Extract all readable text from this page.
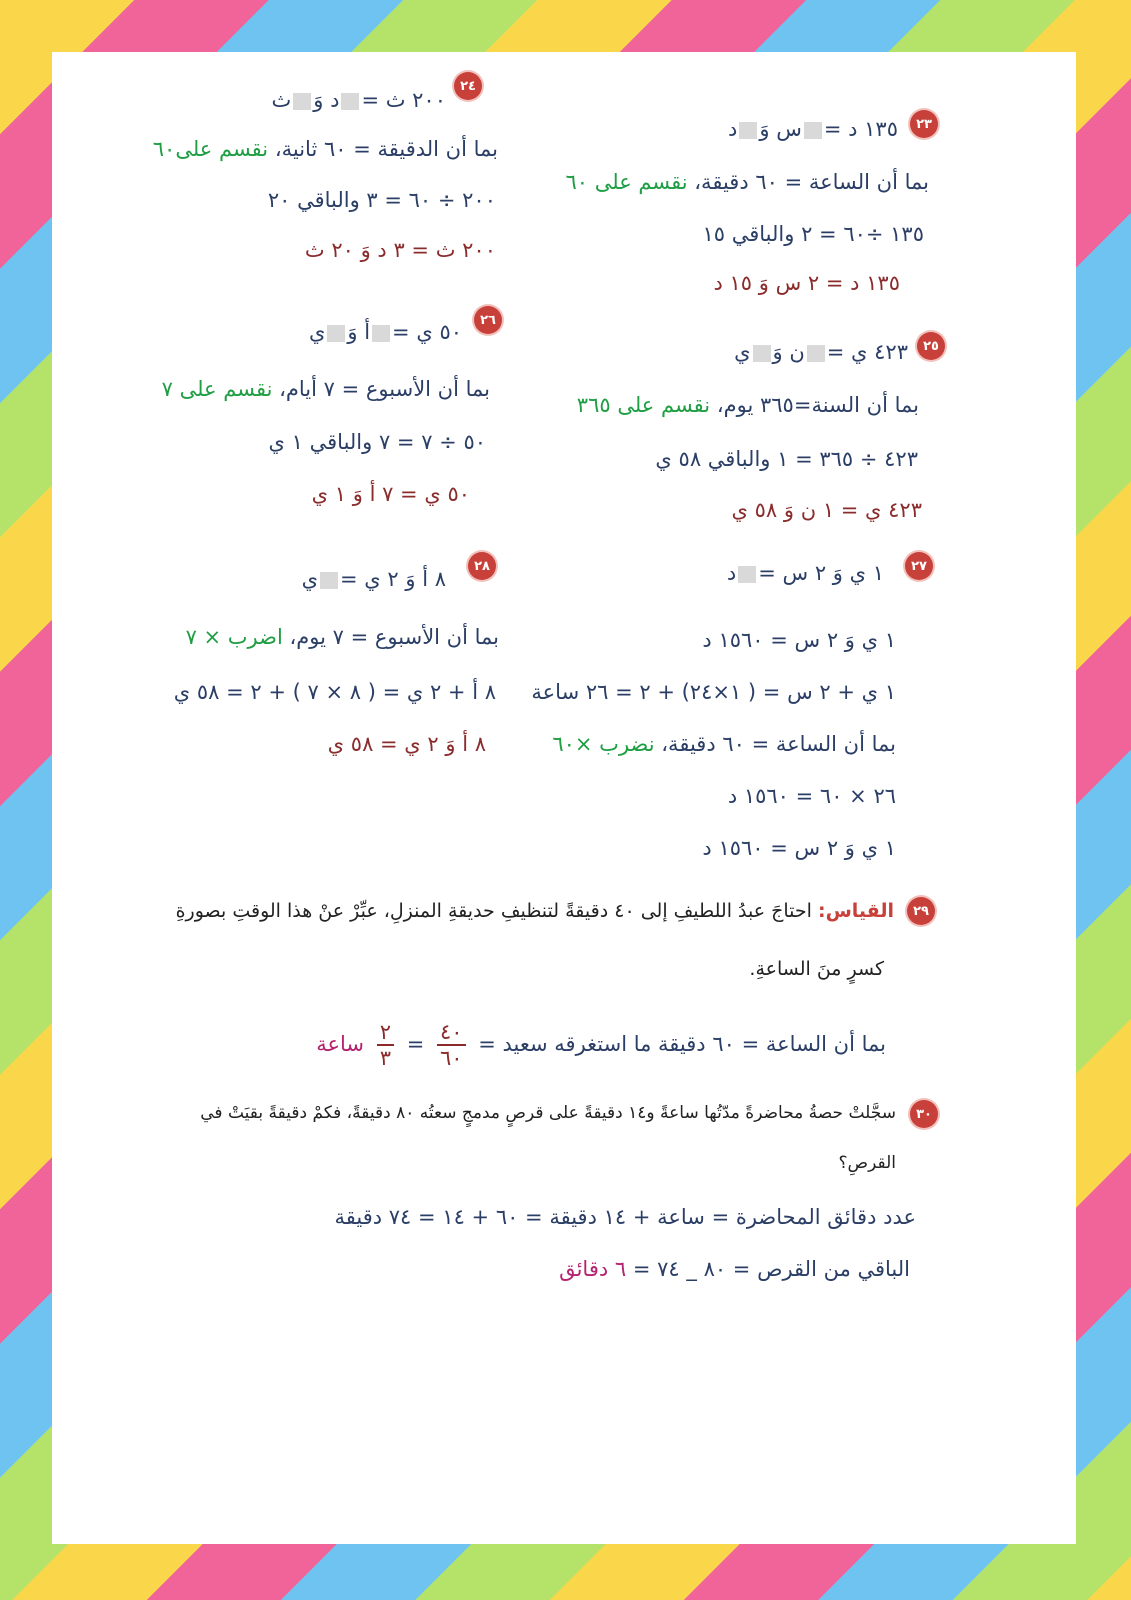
٢٤
٢٠٠ ث =د وَث
بما أن الدقيقة = ٦٠ ثانية، نقسم على٦٠
٢٠٠ ÷ ٦٠ = ٣ والباقي ٢٠
٢٠٠ ث = ٣ د وَ ٢٠ ث
٢٣
١٣٥ د =س وَد
بما أن الساعة = ٦٠ دقيقة، نقسم على ٦٠
١٣٥ ÷٦٠ = ٢ والباقي ١٥
١٣٥ د = ٢ س وَ ١٥ د
٢٦
٥٠ ي =أ وَي
بما أن الأسبوع = ٧ أيام، نقسم على ٧
٥٠ ÷ ٧ = ٧ والباقي ١ ي
٥٠ ي = ٧ أ وَ ١ ي
٢٥
٤٢٣ ي =ن وَي
بما أن السنة=٣٦٥ يوم، نقسم على ٣٦٥
٤٢٣ ÷ ٣٦٥ = ١ والباقي ٥٨ ي
٤٢٣ ي = ١ ن وَ ٥٨ ي
٢٨
٨ أ وَ ٢ ي =ي
بما أن الأسبوع = ٧ يوم، اضرب × ٧
٨ أ + ٢ ي = ( ٨ × ٧ ) + ٢ = ٥٨ ي
٨ أ وَ ٢ ي = ٥٨ ي
٢٧
١ ي وَ ٢ س =د
١ ي وَ ٢ س = ١٥٦٠ د
١ ي + ٢ س = ( ١×٢٤) + ٢ = ٢٦ ساعة
بما أن الساعة = ٦٠ دقيقة، نضرب ×٦٠
٢٦ × ٦٠ = ١٥٦٠ د
١ ي وَ ٢ س = ١٥٦٠ د
٢٩
القياس: احتاجَ عبدُ اللطيفِ إلى ٤٠ دقيقةً لتنظيفِ حديقةِ المنزلِ، عبِّرْ عنْ هذا الوقتِ بصورةِ
كسرٍ منَ الساعةِ.
بما أن الساعة = ٦٠ دقيقة ما استغرقه سعيد =
$\frac{٤٠}{٦٠}$
=
$\frac{٢}{٣}$
ساعة
٣٠
سجَّلتْ حصةُ محاضرةً مدّتُها ساعةً و١٤ دقيقةً على قرصٍ مدمجٍ سعتُه ٨٠ دقيقةً، فكمْ دقيقةً بقيَتْ في
القرصِ؟
عدد دقائق المحاضرة = ساعة + ١٤ دقيقة = ٦٠ + ١٤ = ٧٤ دقيقة
الباقي من القرص = ٨٠ _ ٧٤ = ٦ دقائق
